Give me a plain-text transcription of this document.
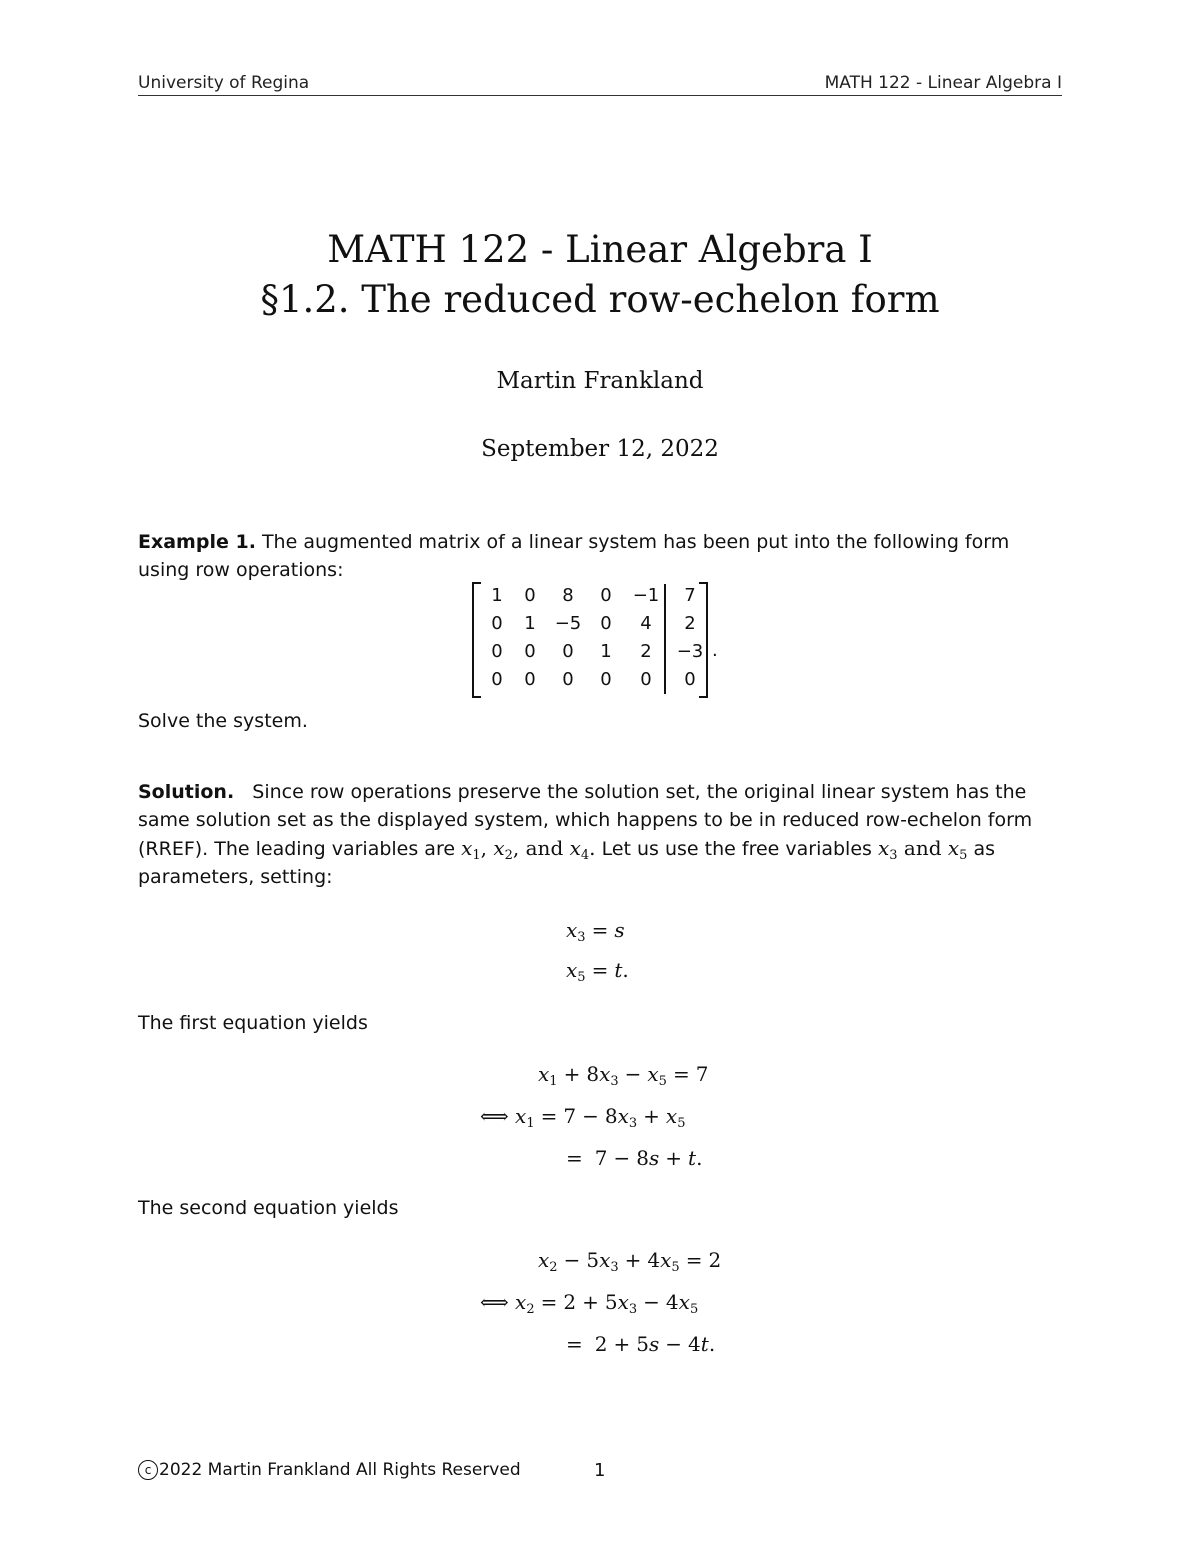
University of Regina	MATH 122 - Linear Algebra I
MATH 122 - Linear Algebra I
§1.2. The reduced row-echelon form
Martin Frankland
September 12, 2022
Example 1. The augmented matrix of a linear system has been put into the following form using row operations:
1	0	8	0	−1	7
0	1	−5	0	4	2
0	0	0	1	2	−3
0	0	0	0	0	0
.
Solve the system.
Solution. Since row operations preserve the solution set, the original linear system has the same solution set as the displayed system, which happens to be in reduced row-echelon form (RREF). The leading variables are $x_1$, $x_2$, and $x_4$. Let us use the free variables $x_3$ and $x_5$ as parameters, setting:
$x_3 = s$
$x_5 = t$.
The first equation yields
$x_1 + 8x_3 - x_5 = 7$
⟺ $x_1 = 7 - 8x_3 + x_5$
= 7 − 8s + t.
The second equation yields
$x_2 - 5x_3 + 4x_5 = 2$
⟺ $x_2 = 2 + 5x_3 - 4x_5$
= 2 + 5s − 4t.
c 2022 Martin Frankland All Rights Reserved	1
